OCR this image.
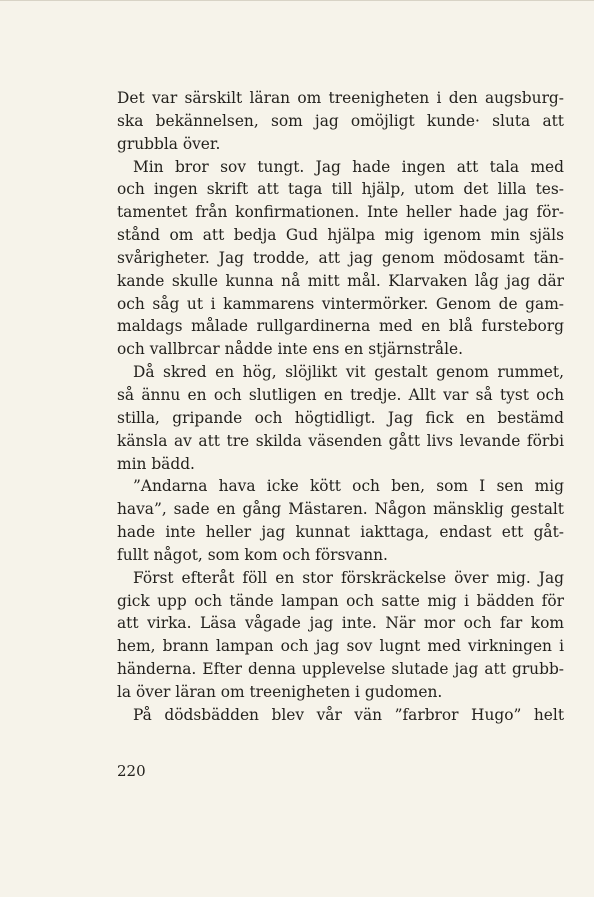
Det var särskilt läran om treenigheten i den augsburg-
ska bekännelsen, som jag omöjligt kunde· sluta att
grubbla över.
Min bror sov tungt. Jag hade ingen att tala med
och ingen skrift att taga till hjälp, utom det lilla tes-
tamentet från konfirmationen. Inte heller hade jag för-
stånd om att bedja Gud hjälpa mig igenom min själs
svårigheter. Jag trodde, att jag genom mödosamt tän-
kande skulle kunna nå mitt mål. Klarvaken låg jag där
och såg ut i kammarens vintermörker. Genom de gam-
maldags målade rullgardinerna med en blå fursteborg
och vallbrcar nådde inte ens en stjärnstråle.
Då skred en hög, slöjlikt vit gestalt genom rummet,
så ännu en och slutligen en tredje. Allt var så tyst och
stilla, gripande och högtidligt. Jag fick en bestämd
känsla av att tre skilda väsenden gått livs levande förbi
min bädd.
”Andarna hava icke kött och ben, som I sen mig
hava”, sade en gång Mästaren. Någon mänsklig gestalt
hade inte heller jag kunnat iakttaga, endast ett gåt-
fullt något, som kom och försvann.
Först efteråt föll en stor förskräckelse över mig. Jag
gick upp och tände lampan och satte mig i bädden för
att virka. Läsa vågade jag inte. När mor och far kom
hem, brann lampan och jag sov lugnt med virkningen i
händerna. Efter denna upplevelse slutade jag att grubb-
la över läran om treenigheten i gudomen.
På dödsbädden blev vår vän ”farbror Hugo” helt
220
